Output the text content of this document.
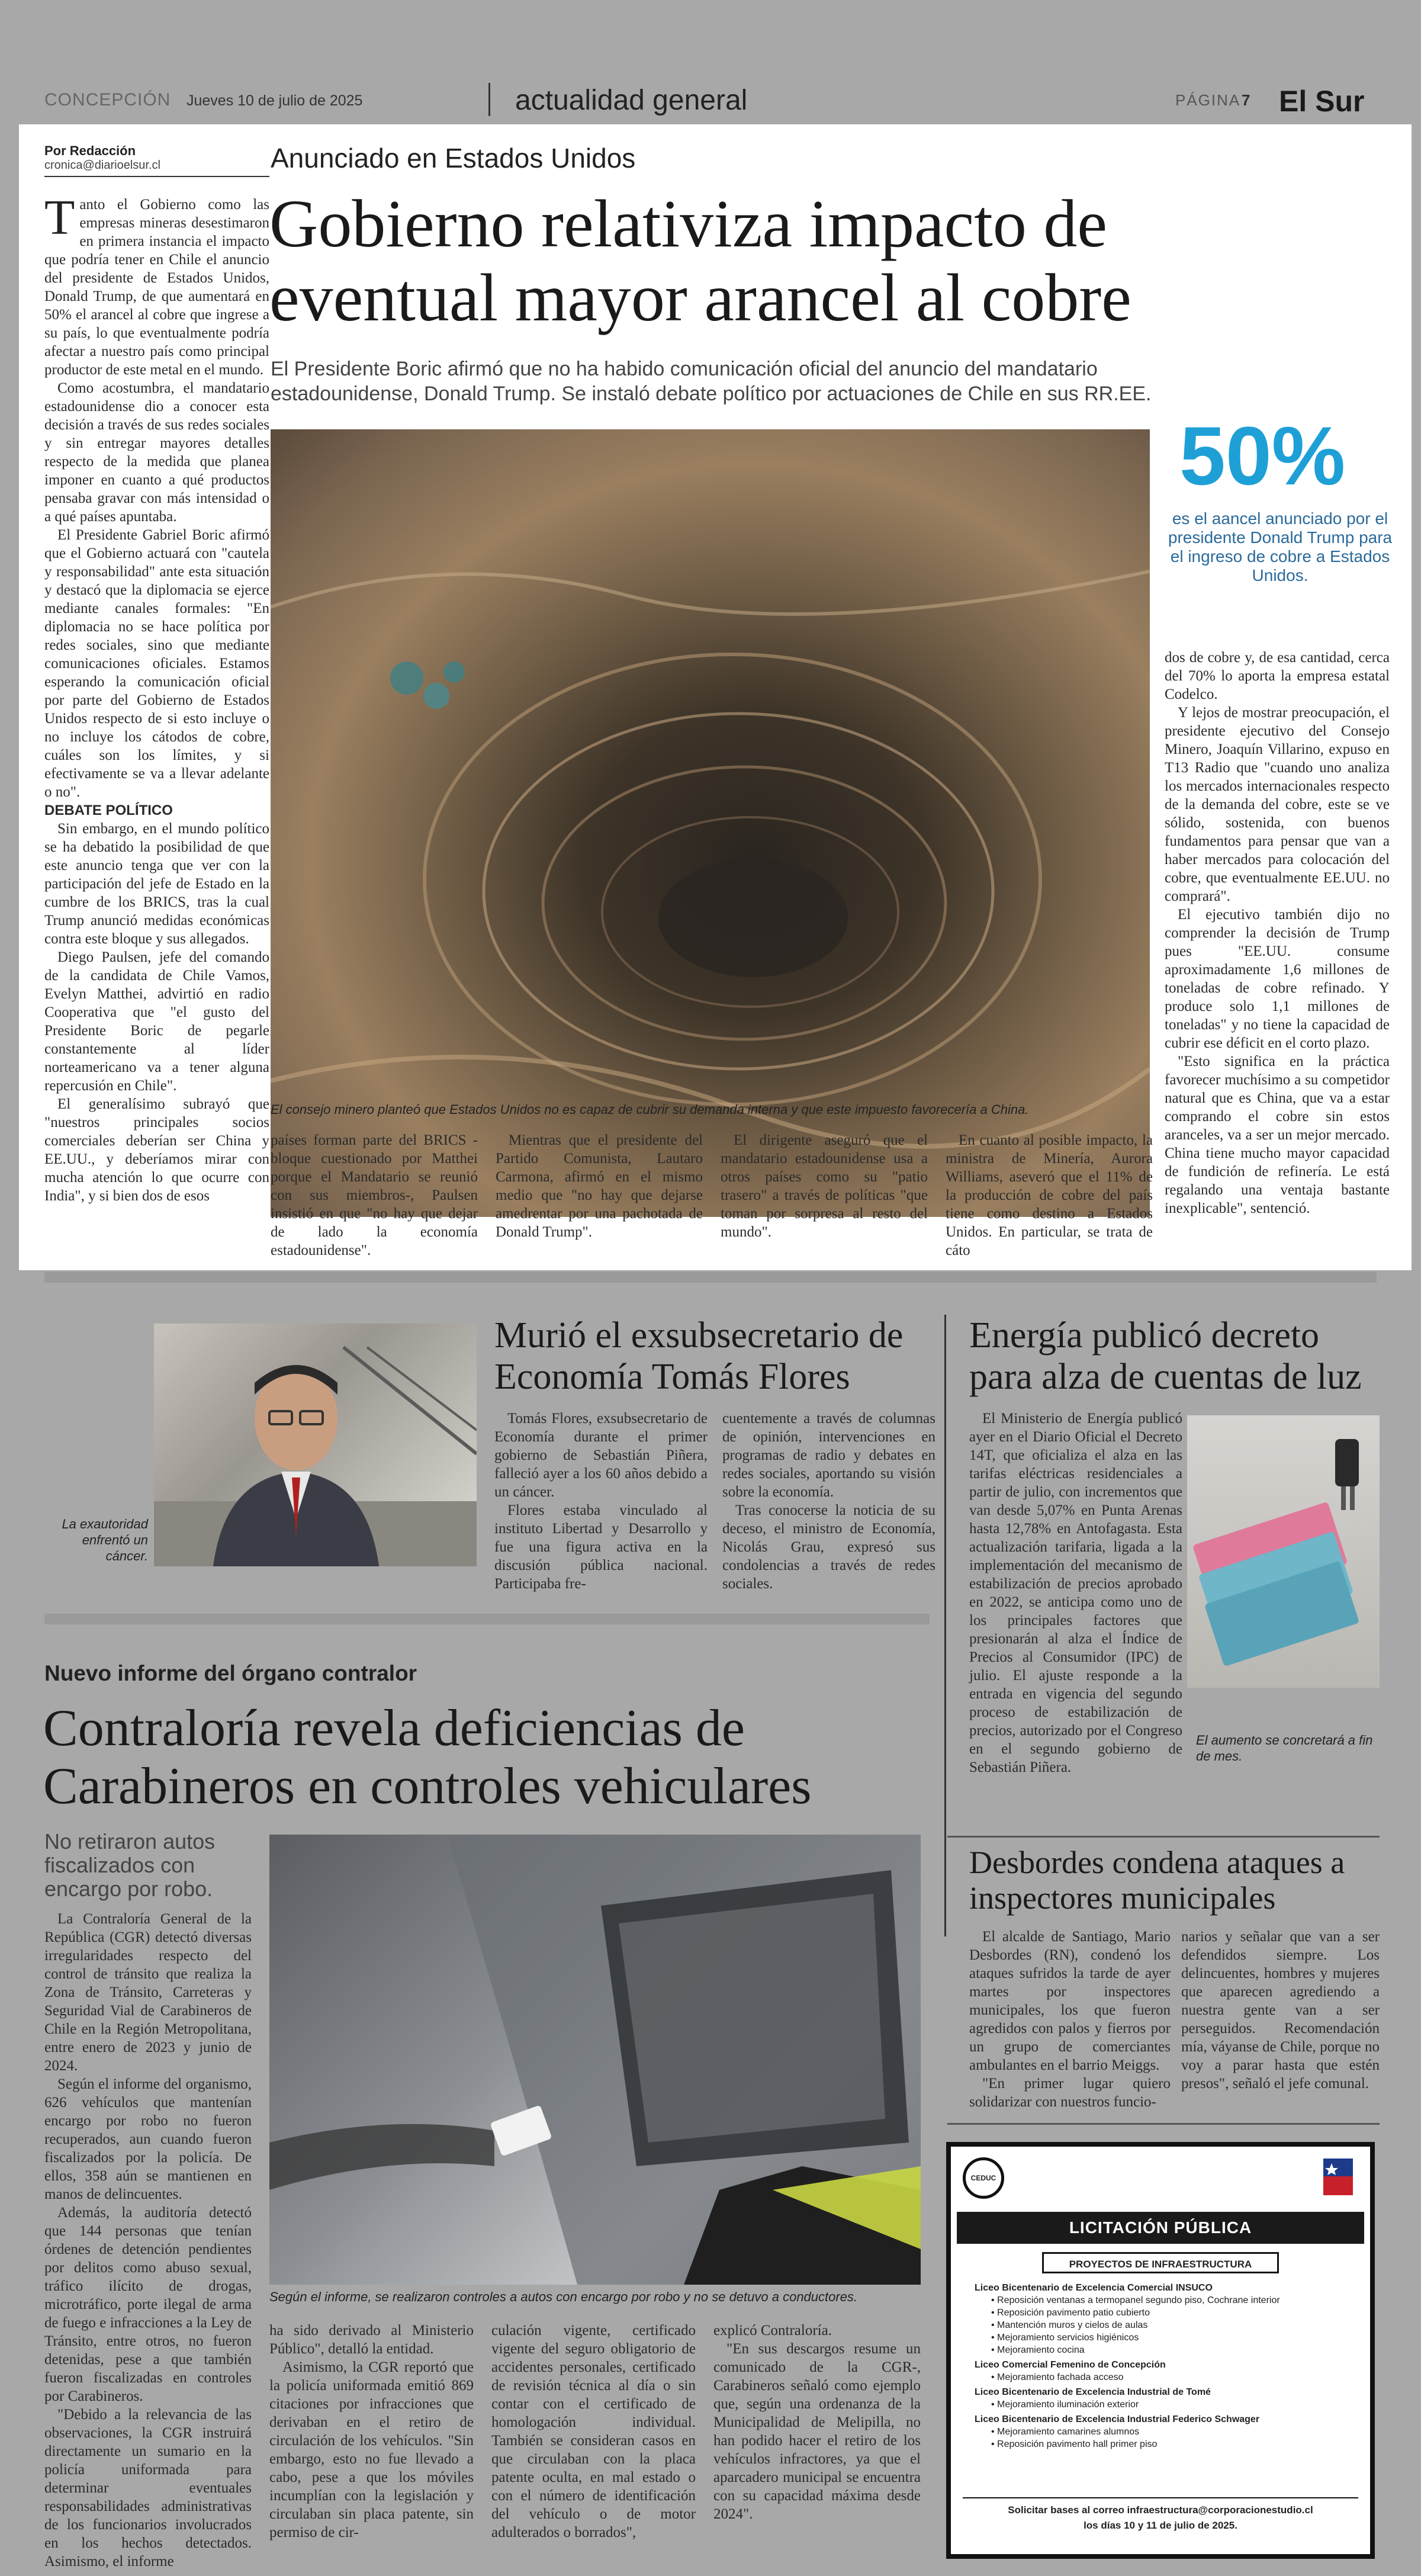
CONCEPCIÓN Jueves 10 de julio de 2025	actualidad general	PÁGINA 7 El Sur
Por Redacción
cronica@diarioelsur.cl

Tanto el Gobierno como las empresas mineras desestimaron en primera instancia el impacto que podría tener en Chile el anuncio del presidente de Estados Unidos, Donald Trump, de que aumentará en 50% el arancel al cobre que ingrese a su país, lo que eventualmente podría afectar a nuestro país como principal productor de este metal en el mundo.

Como acostumbra, el mandatario estadounidense dio a conocer esta decisión a través de sus redes sociales y sin entregar mayores detalles respecto de la medida que planea imponer en cuanto a qué productos pensaba gravar con más intensidad o a qué países apuntaba.

El Presidente Gabriel Boric afirmó que el Gobierno actuará con "cautela y responsabilidad" ante esta situación y destacó que la diplomacia se ejerce mediante canales formales: "En diplomacia no se hace política por redes sociales, sino que mediante comunicaciones oficiales. Estamos esperando la comunicación oficial por parte del Gobierno de Estados Unidos respecto de si esto incluye o no incluye los cátodos de cobre, cuáles son los límites, y si efectivamente se va a llevar adelante o no".

DEBATE POLÍTICO

Sin embargo, en el mundo político se ha debatido la posibilidad de que este anuncio tenga que ver con la participación del jefe de Estado en la cumbre de los BRICS, tras la cual Trump anunció medidas económicas contra este bloque y sus allegados.

Diego Paulsen, jefe del comando de la candidata de Chile Vamos, Evelyn Matthei, advirtió en radio Cooperativa que "el gusto del Presidente Boric de pegarle constantemente al líder norteamericano va a tener alguna repercusión en Chile".

El generalísimo subrayó que "nuestros principales socios comerciales deberían ser China y EE.UU., y deberíamos mirar con mucha atención lo que ocurre con India", y si bien dos de esos

Anunciado en Estados Unidos
Gobierno relativiza impacto de eventual mayor arancel al cobre
El Presidente Boric afirmó que no ha habido comunicación oficial del anuncio del mandatario estadounidense, Donald Trump. Se instaló debate político por actuaciones de Chile en sus RR.EE.
El consejo minero planteó que Estados Unidos no es capaz de cubrir su demanda interna y que este impuesto favorecería a China.
50%
es el aancel anunciado por el presidente Donald Trump para el ingreso de cobre a Estados Unidos.

dos de cobre y, de esa cantidad, cerca del 70% lo aporta la empresa estatal Codelco.

Y lejos de mostrar preocupación, el presidente ejecutivo del Consejo Minero, Joaquín Villarino, expuso en T13 Radio que "cuando uno analiza los mercados internacionales respecto de la demanda del cobre, este se ve sólido, sostenida, con buenos fundamentos para pensar que van a haber mercados para colocación del cobre, que eventualmente EE.UU. no comprará".

El ejecutivo también dijo no comprender la decisión de Trump pues "EE.UU. consume aproximadamente 1,6 millones de toneladas de cobre refinado. Y produce solo 1,1 millones de toneladas" y no tiene la capacidad de cubrir ese déficit en el corto plazo.

"Esto significa en la práctica favorecer muchísimo a su competidor natural que es China, que va a estar comprando el cobre sin estos aranceles, va a ser un mejor mercado. China tiene mucho mayor capacidad de fundición de refinería. Le está regalando una ventaja bastante inexplicable", sentenció.

países forman parte del BRICS -bloque cuestionado por Matthei porque el Mandatario se reunió con sus miembros-, Paulsen insistió en que "no hay que dejar de lado la economía estadounidense".

Mientras que el presidente del Partido Comunista, Lautaro Carmona, afirmó en el mismo medio que "no hay que dejarse amedrentar por una pachotada de Donald Trump".

El dirigente aseguró que el mandatario estadounidense usa a otros países como su "patio trasero" a través de políticas "que toman por sorpresa al resto del mundo".

En cuanto al posible impacto, la ministra de Minería, Aurora Williams, aseveró que el 11% de la producción de cobre del país tiene como destino a Estados Unidos. En particular, se trata de cáto

La exautoridad enfrentó un cáncer.
Murió el exsubsecretario de Economía Tomás Flores

Tomás Flores, exsubsecretario de Economía durante el primer gobierno de Sebastián Piñera, falleció ayer a los 60 años debido a un cáncer.

Flores estaba vinculado al instituto Libertad y Desarrollo y fue una figura activa en la discusión pública nacional. Participaba fre-

cuentemente a través de columnas de opinión, intervenciones en programas de radio y debates en redes sociales, aportando su visión sobre la economía.

Tras conocerse la noticia de su deceso, el ministro de Economía, Nicolás Grau, expresó sus condolencias a través de redes sociales.

Energía publicó decreto para alza de cuentas de luz

El Ministerio de Energía publicó ayer en el Diario Oficial el Decreto 14T, que oficializa el alza en las tarifas eléctricas residenciales a partir de julio, con incrementos que van desde 5,07% en Punta Arenas hasta 12,78% en Antofagasta. Esta actualización tarifaria, ligada a la implementación del mecanismo de estabilización de precios aprobado en 2022, se anticipa como uno de los principales factores que presionarán al alza el Índice de Precios al Consumidor (IPC) de julio. El ajuste responde a la entrada en vigencia del segundo proceso de estabilización de precios, autorizado por el Congreso en el segundo gobierno de Sebastián Piñera.

El aumento se concretará a fin de mes.
Nuevo informe del órgano contralor
Contraloría revela deficiencias de Carabineros en controles vehiculares
No retiraron autos fiscalizados con encargo por robo.

La Contraloría General de la República (CGR) detectó diversas irregularidades respecto del control de tránsito que realiza la Zona de Tránsito, Carreteras y Seguridad Vial de Carabineros de Chile en la Región Metropolitana, entre enero de 2023 y junio de 2024.

Según el informe del organismo, 626 vehículos que mantenían encargo por robo no fueron recuperados, aun cuando fueron fiscalizados por la policía. De ellos, 358 aún se mantienen en manos de delincuentes.

Además, la auditoría detectó que 144 personas que tenían órdenes de detención pendientes por delitos como abuso sexual, tráfico ilícito de drogas, microtráfico, porte ilegal de arma de fuego e infracciones a la Ley de Tránsito, entre otros, no fueron detenidas, pese a que también fueron fiscalizadas en controles por Carabineros.

"Debido a la relevancia de las observaciones, la CGR instruirá directamente un sumario en la policía uniformada para determinar eventuales responsabilidades administrativas de los funcionarios involucrados en los hechos detectados. Asimismo, el informe

Según el informe, se realizaron controles a autos con encargo por robo y no se detuvo a conductores.

ha sido derivado al Ministerio Público", detalló la entidad.

Asimismo, la CGR reportó que la policía uniformada emitió 869 citaciones por infracciones que derivaban en el retiro de circulación de los vehículos. "Sin embargo, esto no fue llevado a cabo, pese a que los móviles incumplían con la legislación y circulaban sin placa patente, sin permiso de cir-

culación vigente, certificado vigente del seguro obligatorio de accidentes personales, certificado de revisión técnica al día o sin contar con el certificado de homologación individual. También se consideran casos en que circulaban con la placa patente oculta, en mal estado o con el número de identificación del vehículo o de motor adulterados o borrados",

explicó Contraloría.

"En sus descargos resume un comunicado de la CGR-, Carabineros señaló como ejemplo que, según una ordenanza de la Municipalidad de Melipilla, no han podido hacer el retiro de los vehículos infractores, ya que el aparcadero municipal se encuentra con su capacidad máxima desde 2024".

Desbordes condena ataques a inspectores municipales

El alcalde de Santiago, Mario Desbordes (RN), condenó los ataques sufridos la tarde de ayer martes por inspectores municipales, los que fueron agredidos con palos y fierros por un grupo de comerciantes ambulantes en el barrio Meiggs.

"En primer lugar quiero solidarizar con nuestros funcio-

narios y señalar que van a ser defendidos siempre. Los delincuentes, hombres y mujeres que aparecen agrediendo a nuestra gente van a ser perseguidos. Recomendación mía, váyanse de Chile, porque no voy a parar hasta que estén presos", señaló el jefe comunal.

CEDUC
LICITACIÓN PÚBLICA
PROYECTOS DE INFRAESTRUCTURA
Liceo Bicentenario de Excelencia Comercial INSUCO
• Reposición ventanas a termopanel segundo piso, Cochrane interior
• Reposición pavimento patio cubierto
• Mantención muros y cielos de aulas
• Mejoramiento servicios higiénicos
• Mejoramiento cocina
Liceo Comercial Femenino de Concepción
• Mejoramiento fachada acceso
Liceo Bicentenario de Excelencia Industrial de Tomé
• Mejoramiento iluminación exterior
Liceo Bicentenario de Excelencia Industrial Federico Schwager
• Mejoramiento camarines alumnos
• Reposición pavimento hall primer piso
Solicitar bases al correo infraestructura@corporacionestudio.cl
los días 10 y 11 de julio de 2025.
